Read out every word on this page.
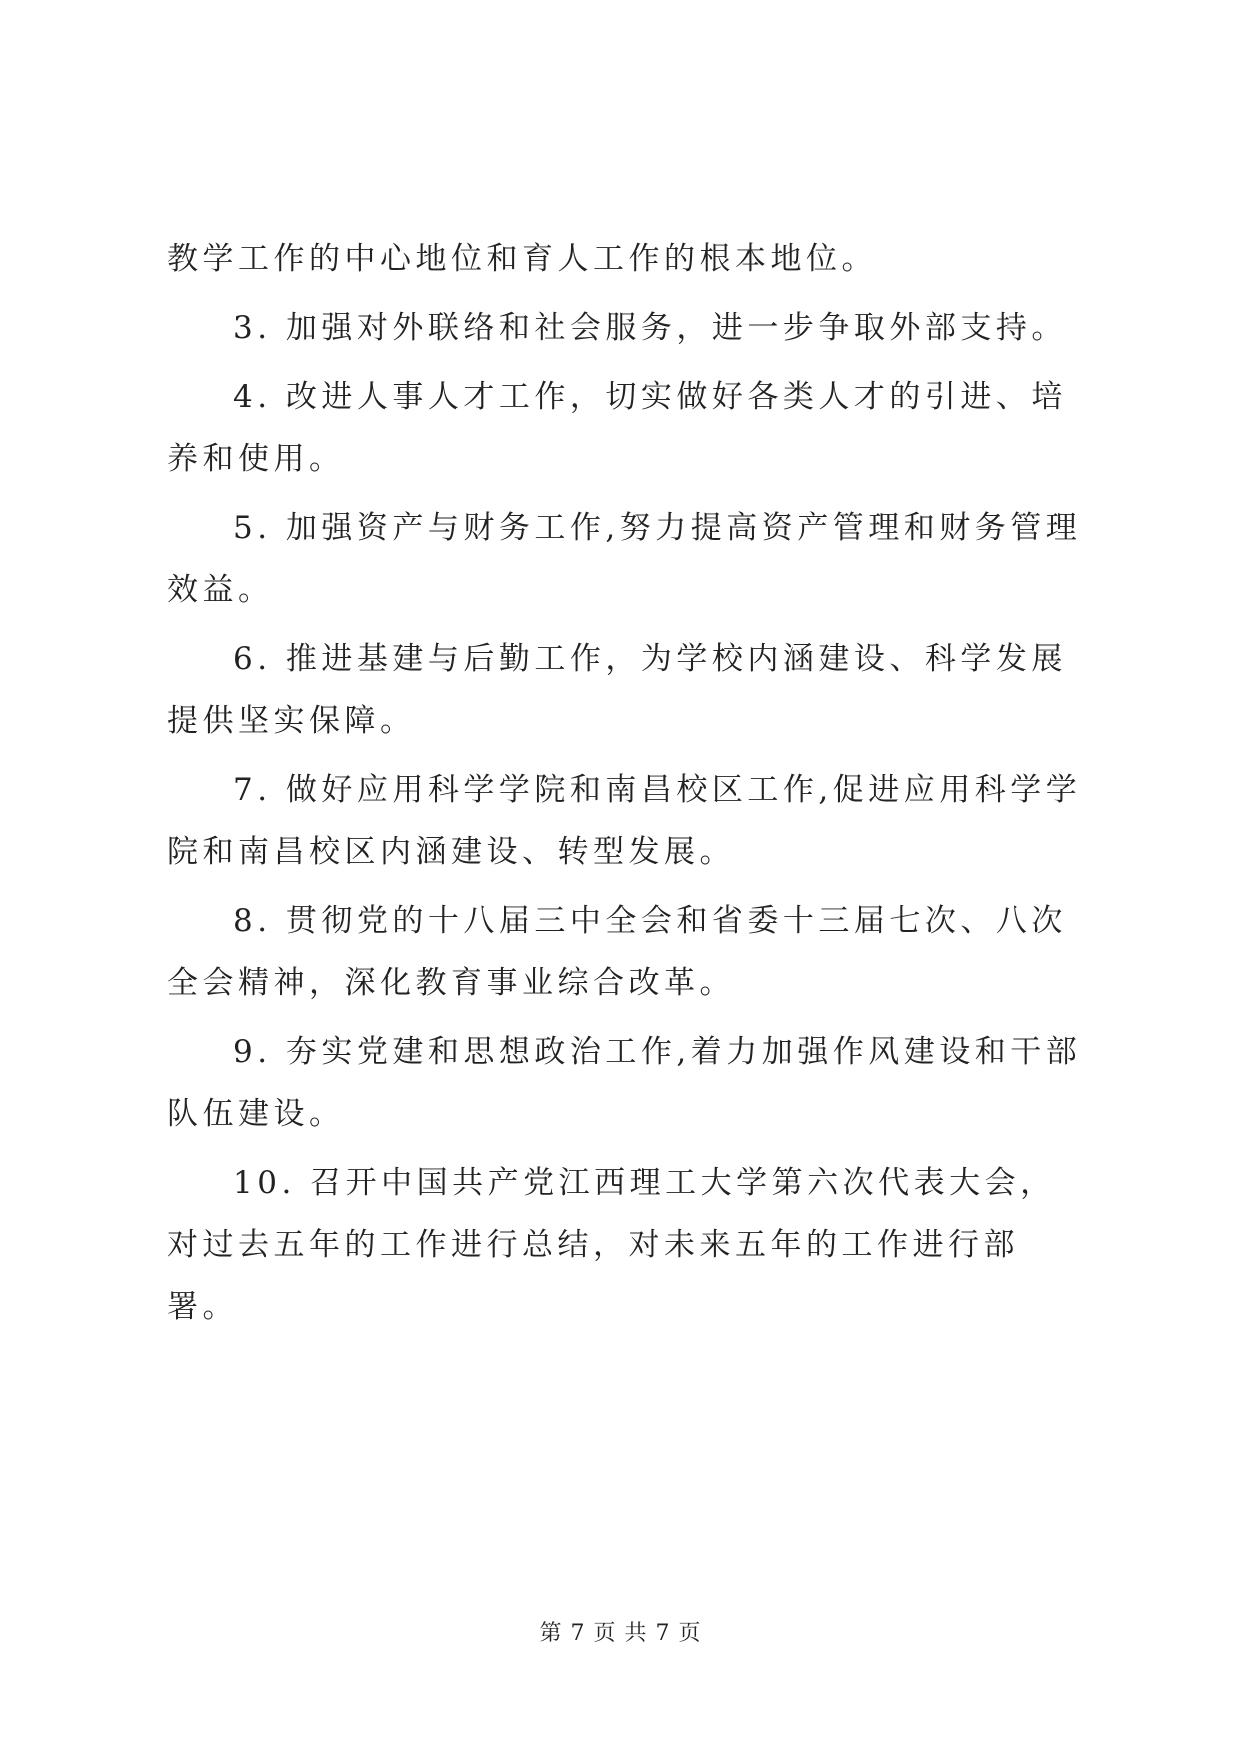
教学工作的中心地位和育人工作的根本地位。

3. 加强对外联络和社会服务，进一步争取外部支持。

4. 改进人事人才工作，切实做好各类人才的引进、培养和使用。

5. 加强资产与财务工作,努力提高资产管理和财务管理效益。

6. 推进基建与后勤工作，为学校内涵建设、科学发展提供坚实保障。

7. 做好应用科学学院和南昌校区工作,促进应用科学学院和南昌校区内涵建设、转型发展。

8. 贯彻党的十八届三中全会和省委十三届七次、八次全会精神，深化教育事业综合改革。

9. 夯实党建和思想政治工作,着力加强作风建设和干部队伍建设。

10. 召开中国共产党江西理工大学第六次代表大会，对过去五年的工作进行总结，对未来五年的工作进行部署。

第 7 页 共 7 页
